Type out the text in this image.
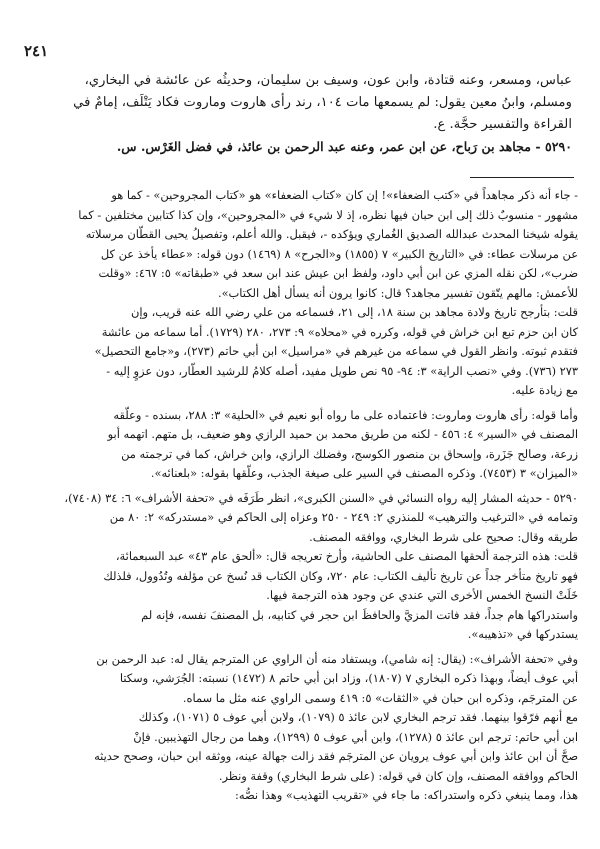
٢٤١

عباس، ومسعر، وعنه قتادة، وابن عون، وسيف بن سليمان، وحديثُه عن عائشة في البخاري،

ومسلم، وابنُ معين يقول: لم يسمعها مات ١٠٤، رند رأى هاروت وماروت فكاد يَتْلَف، إمامٌ في

القراءة والتفسير حجَّة. ع.

٥٢٩٠ - مجاهد بن رَباح، عن ابن عمر، وعنه عبد الرحمن بن عائذ، في فضل الغَرْس. س.

- جاء أنه ذكر مجاهداً في «كتب الضعفاء»! إن كان «كتاب الضعفاء» هو «كتاب المجروحين» - كما هو

مشهور - منسوبٌ ذلك إلى ابن حبان فيها نظره، إذ لا شيء في «المجروحين»، وإن كذا كتابين مختلفين - كما

يقوله شيخنا المحدث عبدالله الصديق الغُماري ويؤكده -، فيقبل. والله أعلم، وتفصيلُ يحيى القطّان مرسلاته

عن مرسلات عطاء: في «التاريخ الكبير» ٧ (١٨٥٥) و«الجرح» ٨ (١٤٦٩) دون قوله: «عطاء يأخذ عن كل

ضرب»، لكن نقله المزي عن ابن أبي داود، ولفظ ابن عيش عند ابن سعد في «طبقاته» ٥: ٤٦٧: «وقلت

للأعمش: مالهم يتّقون تفسير مجاهد؟ قال: كانوا يرون أنه يسأل أهل الكتاب».

قلت: بتأرجح تاريخ ولادة مجاهد بن سنة ١٨، إلى ٢١، فسماعه من علي رضي الله عنه قريب، وإن

كان ابن حزم تبع ابن خراش في قوله، وكرره في «محلاه» ٩: ٢٧٣، ٢٨٠ (١٧٢٩). أما سماعه من عائشة

فتقدم ثبوته. وانظر القول في سماعه من غيرهم في «مراسيل» ابن أبي حاتم (٢٧٣)، و«جامع التحصيل»

٢٧٣ (٧٣٦). وفي «نصب الراية» ٣: ٩٤- ٩٥ نص طويل مفيد، أصله كلامُ للرشيد العطّار، دون عزوٍ إليه -

مع زيادة عليه.

وأما قوله: رأى هاروت وماروت: فاعتماده على ما رواه أبو نعيم في «الحلية» ٣: ٢٨٨، بسنده - وعلّقه

المصنف في «السير» ٤: ٤٥٦ - لكنه من طريق محمد بن حميد الرازي وهو ضعيف، بل متهم. اتهمه أبو

زرعة، وصالح جَزَرة، وإسحاق بن منصور الكوسج، وفضلك الرازي، وابن خراش، كما في ترجمته من

«الميزان» ٣ (٧٤٥٣). وذكره المصنف في السير على صيغة الجذب، وعلّقها بقوله: «بلعنائه».

٥٢٩٠ - حديثه المشار إليه رواه النسائي في «السنن الكبرى»، انظر طَرَفَه في «تحفة الأشراف» ٦: ٣٤ (٧٤٠٨)،

وتمامه في «الترغيب والترهيب» للمنذري ٢: ٢٤٩ - ٢٥٠ وعزاه إلى الحاكم في «مستدركه» ٢: ٨٠ من

طريقه وقال: صحيح على شرط البخاري، ووافقه المصنف.

قلت: هذه الترجمة ألحقها المصنف على الحاشية، وأرخ تعريجه قال: «ألحق عام ٤٣» عبد السبعمائة،

فهو تاريخ متأخر جداً عن تاريخ تأليف الكتاب: عام ٧٢٠، وكان الكتاب قد نُسخ عن مؤلفه وتُدُوول، فلذلك

خَلَتْ النسخ الخمس الأخرى التي عندي عن وجود هذه الترجمة فيها.

واستدراكها هام جداً، فقد فاتت المزيَّ والحافظَ ابن حجر في كتابيه، بل المصنفَ نفسه، فإنه لم

يستدركها في «تذهيبه».

وفي «تحفة الأشراف»: (يقال: إنه شامي)، ويستفاد منه أن الراوي عن المترجم يقال له: عبد الرحمن بن

أبي عوف أيضاً، وبهذا ذكره البخاري ٧ (١٨٠٧)، وزاد ابن أبي حاتم ٨ (١٤٧٢) نسبته: الجُرَشي، وسكتا

عن المترجَم، وذكره ابن حبان في «الثقات» ٥: ٤١٩ وسمى الراوي عنه مثل ما سماه.

مع أنهم فرّقوا بينهما. فقد ترجم البخاري لابن عائذ ٥ (١٠٧٩)، ولابن أبي عوف ٥ (١٠٧١)، وكذلك

ابن أبي حاتم: ترجم ابن عائذ ٥ (١٢٧٨)، وابن أبي عوف ٥ (١٢٩٩)، وهما من رجال التهذيبين. فإنْ

صحَّ أن ابن عائذ وابن أبي عوف يرويان عن المترجَم فقد زالت جهالة عينه، ووثقه ابن حبان، وصحح حديثه

الحاكم ووافقه المصنف، وإن كان في قوله: (على شرط البخاري) وقفة ونظر.

هذا، ومما ينبغي ذكره واستدراكه: ما جاء في «تقريب التهذيب» وهذا نصُّه:
